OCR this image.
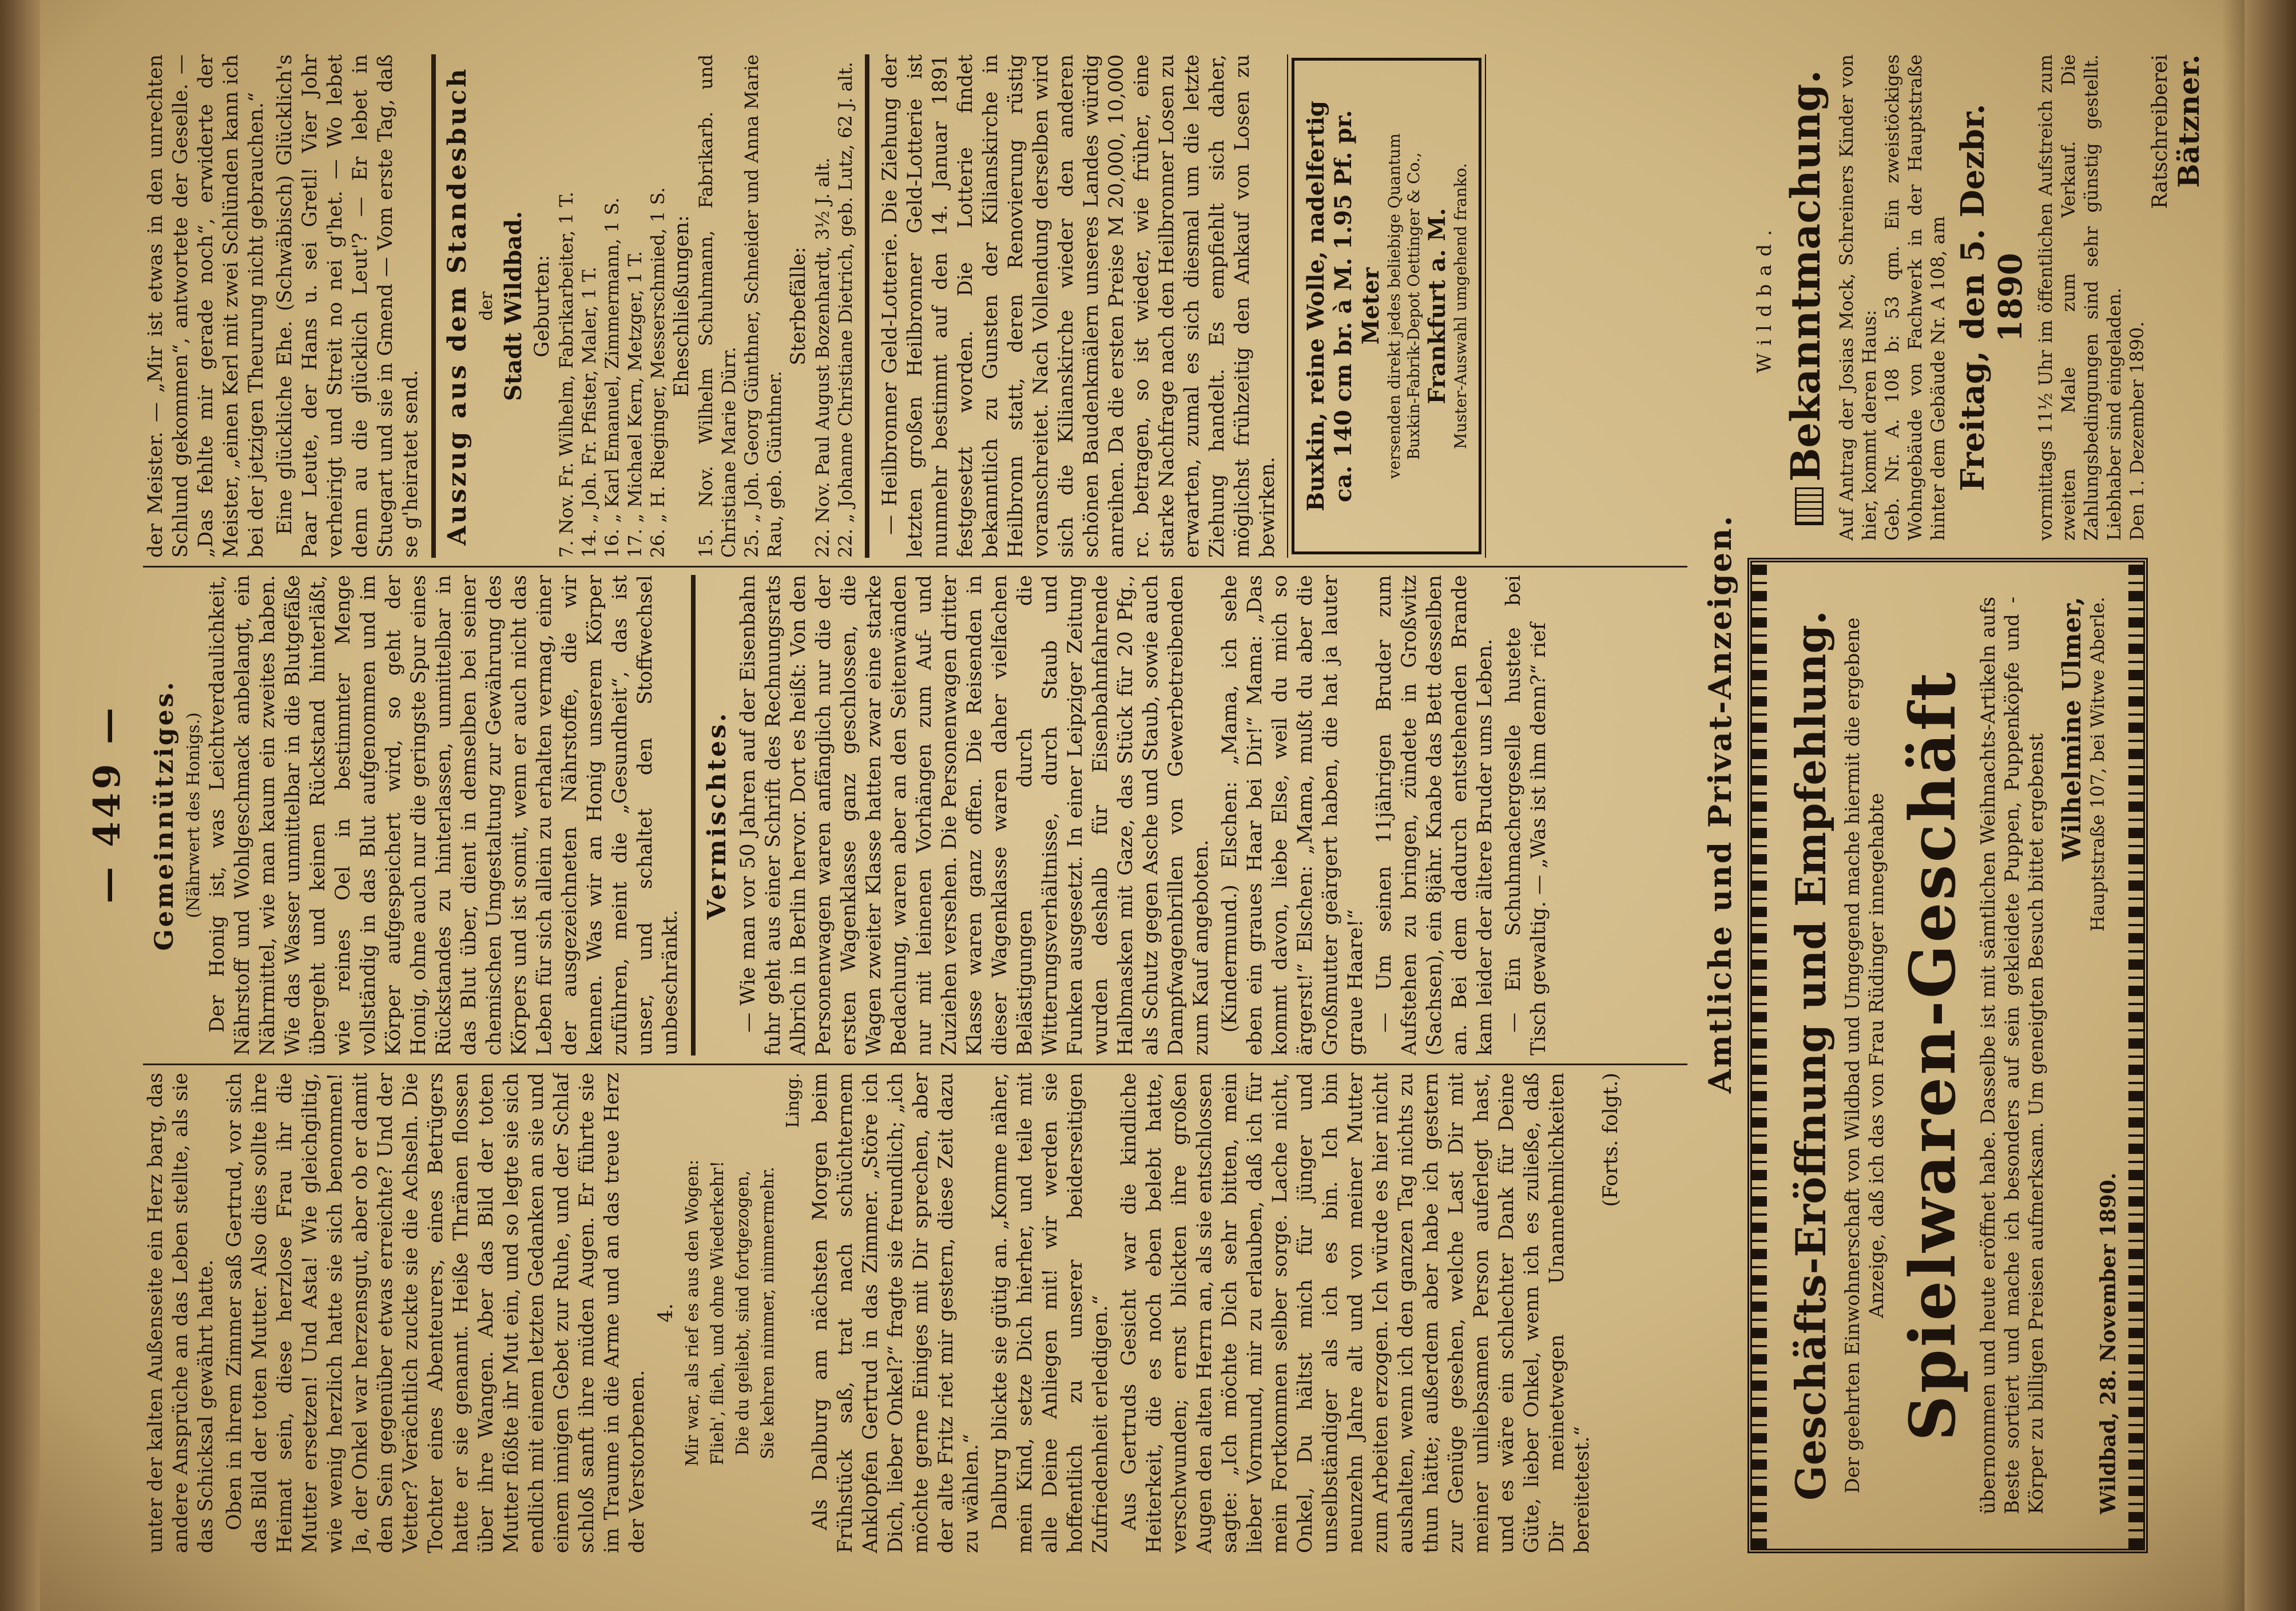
— 449 —

unter der kalten Außenseite ein Herz barg, das andere Ansprüche an das Leben stellte, als sie das Schicksal gewährt hatte. Oben in ihrem Zimmer saß Gertrud, vor sich das Bild der toten Mutter. Also dies sollte ihre Heimat sein, diese herzlose Frau ihr die Mutter ersetzen! Und Asta! Wie gleichgiltig, wie wenig herzlich hatte sie sich benommen! Ja, der Onkel war herzensgut, aber ob er damit den Sein gegenüber etwas erreichte? Und der Vetter? Verächtlich zuckte sie die Achseln. Die Tochter eines Abenteurers, eines Betrügers hatte er sie genannt. Heiße Thränen flossen über ihre Wangen. Aber das Bild der toten Mutter flößte ihr Mut ein, und so legte sie sich endlich mit einem letzten Gedanken an sie und einem innigen Gebet zur Ruhe, und der Schlaf schloß sanft ihre müden Augen. Er führte sie im Traume in die Arme und an das treue Herz der Verstorbenen.

4. Mir war, als rief es aus den Wogen: Flieh', flieh, und ohne Wiederkehr! Die du geliebt, sind fortgezogen, Sie kehren nimmer, nimmermehr.

Lingg. Als Dalburg am nächsten Morgen beim Frühstück saß, trat nach schüchternem Anklopfen Gertrud in das Zimmer. „Störe ich Dich, lieber Onkel?“ fragte sie freundlich; „ich möchte gerne Einiges mit Dir sprechen, aber der alte Fritz riet mir gestern, diese Zeit dazu zu wählen.“ Dalburg blickte sie gütig an. „Komme näher, mein Kind, setze Dich hierher, und teile mit alle Deine Anliegen mit! wir werden sie hoffentlich zu unserer beiderseitigen Zufriedenheit erledigen.“ Aus Gertruds Gesicht war die kindliche Heiterkeit, die es noch eben belebt hatte, verschwunden; ernst blickten ihre großen Augen den alten Herrn an, als sie entschlossen sagte: „Ich möchte Dich sehr bitten, mein lieber Vormund, mir zu erlauben, daß ich für mein Fortkommen selber sorge. Lache nicht, Onkel, Du hältst mich für jünger und unselbständiger als ich es bin. Ich bin neunzehn Jahre alt und von meiner Mutter zum Arbeiten erzogen. Ich würde es hier nicht aushalten, wenn ich den ganzen Tag nichts zu thun hätte; außerdem aber habe ich gestern zur Genüge gesehen, welche Last Dir mit meiner unliebsamen Person auferlegt hast, und es wäre ein schlechter Dank für Deine Güte, lieber Onkel, wenn ich es zuließe, daß Dir meinetwegen Unannehmlichkeiten bereitetest.“

(Forts. folgt.)

Gemeinnütziges. (Nährwert des Honigs.) Der Honig ist, was Leichtverdaulichkeit, Nährstoff und Wohlgeschmack anbelangt, ein Nährmittel, wie man kaum ein zweites haben. Wie das Wasser unmittelbar in die Blutgefäße übergeht und keinen Rückstand hinterläßt, wie reines Oel in bestimmter Menge vollständig in das Blut aufgenommen und im Körper aufgespeichert wird, so geht der Honig, ohne auch nur die geringste Spur eines Rückstandes zu hinterlassen, unmittelbar in das Blut über, dient in demselben bei seiner chemischen Umgestaltung zur Gewährung des Körpers und ist somit, wenn er auch nicht das Leben für sich allein zu erhalten vermag, einer der ausgezeichneten Nährstoffe, die wir kennen. Was wir an Honig unserem Körper zuführen, meint die „Gesundheit“, das ist unser, und schaltet den Stoffwechsel unbeschränkt.

Vermischtes. — Wie man vor 50 Jahren auf der Eisenbahn fuhr geht aus einer Schrift des Rechnungsrats Albrich in Berlin hervor. Dort es heißt: Von den Personenwagen waren anfänglich nur die der ersten Wagenklasse ganz geschlossen, die Wagen zweiter Klasse hatten zwar eine starke Bedachung, waren aber an den Seitenwänden nur mit leinenen Vorhängen zum Auf- und Zuziehen versehen. Die Personenwagen dritter Klasse waren ganz offen. Die Reisenden in dieser Wagenklasse waren daher vielfachen Belästigungen durch die Witterungsverhältnisse, durch Staub und Funken ausgesetzt. In einer Leipziger Zeitung wurden deshalb für Eisenbahnfahrende Halbmasken mit Gaze, das Stück für 20 Pfg., als Schutz gegen Asche und Staub, sowie auch Dampfwagenbrillen von Gewerbetreibenden zum Kauf angeboten. (Kindermund.) Elschen: „Mama, ich sehe eben ein graues Haar bei Dir!“ Mama: „Das kommt davon, liebe Else, weil du mich so ärgerst!“ Elschen: „Mama, mußt du aber die Großmutter geärgert haben, die hat ja lauter graue Haare!“ — Um seinen 11jährigen Bruder zum Aufstehen zu bringen, zündete in Großwitz (Sachsen), ein 8jähr. Knabe das Bett desselben an. Bei dem dadurch entstehenden Brande kam leider der ältere Bruder ums Leben. — Ein Schuhmachergeselle hustete bei Tisch gewaltig. — „Was ist ihm denn?“ rief

der Meister. — „Mir ist etwas in den unrechten Schlund gekommen“, antwortete der Geselle. — „Das fehlte mir gerade noch“, erwiderte der Meister, „einen Kerl mit zwei Schlünden kann ich bei der jetzigen Theurung nicht gebrauchen.“ Eine glückliche Ehe. (Schwäbisch) Glücklich's Paar Leute, der Hans u. sei Gretl! Vier Johr verheirigt und Streit no nei g'het. — Wo lebet denn au die glücklich Leut'? — Er lebet in Stuegart und sie in Gmend — Vom erste Tag, daß se g'heiratet send. Auszug aus dem Standesbuch der Stadt Wildbad. Geburten: 7. Nov. Fr. Wilhelm, Fabrikarbeiter, 1 T. 14. „ Joh. Fr. Pfister, Maler, 1 T. 16. „ Karl Emanuel, Zimmermann, 1 S. 17. „ Michael Kern, Metzger, 1 T. 26. „ H. Rieginger, Messerschmied, 1 S. Eheschließungen: 15. Nov. Wilhelm Schuhmann, Fabrikarb. und Christiane Marie Dürr. 25. „ Joh. Georg Günthner, Schneider und Anna Marie Rau, geb. Günthner.
Sterbefälle: 22. Nov. Paul August Bozenhardt, 3½ J. alt. 22. „ Johanne Christiane Dietrich, geb. Lutz, 62 J. alt. — Heilbronner Geld-Lotterie. Die Ziehung der letzten großen Heilbronner Geld-Lotterie ist nunmehr bestimmt auf den 14. Januar 1891 festgesetzt worden. Die Lotterie findet bekanntlich zu Gunsten der Kilianskirche in Heilbronn statt, deren Renovierung rüstig voranschreitet. Nach Vollendung derselben wird sich die Kilianskirche wieder den anderen schönen Baudenkmälern unseres Landes würdig anreihen. Da die ersten Preise M 20,000, 10,000 rc. betragen, so ist wieder, wie früher, eine starke Nachfrage nach den Heilbronner Losen zu erwarten, zumal es sich diesmal um die letzte Ziehung handelt. Es empfiehlt sich daher, möglichst frühzeitig den Ankauf von Losen zu bewirken. Buxkin, reine Wolle, nadelfertig ca. 140 cm br. à M. 1.95 Pf. pr. Meter versenden direkt jedes beliebige Quantum Buxkin-Fabrik-Depot Oettinger & Co., Frankfurt a. M. Muster-Auswahl umgehend franko.
Amtliche und Privat-Anzeigen. Geschäfts-Eröffnung und Empfehlung. Der geehrten Einwohnerschaft von Wildbad und Umgegend mache hiermit die ergebene Anzeige, daß ich das von Frau Rüdinger innegehabte Spielwaren-Geschäft übernommen und heute eröffnet habe. Dasselbe ist mit sämtlichen Weihnachts-Artikeln aufs Beste sortiert und mache ich besonders auf sein gekleidete Puppen, Puppenköpfe und -Körper zu billigen Preisen aufmerksam. Um geneigten Besuch bittet ergebenst
Wilhelmine Ulmer, Hauptstraße 107, bei Witwe Aberle.
Wildbad, 28. November 1890.
Wildbad. Bekanntmachung. Auf Antrag der Josias Mock, Schreiners Kinder von hier, kommt deren Haus: Geb. Nr. A. 108 b: 53 qm. Ein zweistöckiges Wohngebäude von Fachwerk in der Hauptstraße hinter dem Gebäude Nr. A 108, am Freitag, den 5. Dezbr. 1890 vormittags 11½ Uhr im öffentlichen Aufstreich zum zweiten Male zum Verkauf. Die Zahlungsbedingungen sind sehr günstig gestellt. Liebhaber sind eingeladen. Den 1. Dezember 1890.
Ratschreiberei Bätzner.
